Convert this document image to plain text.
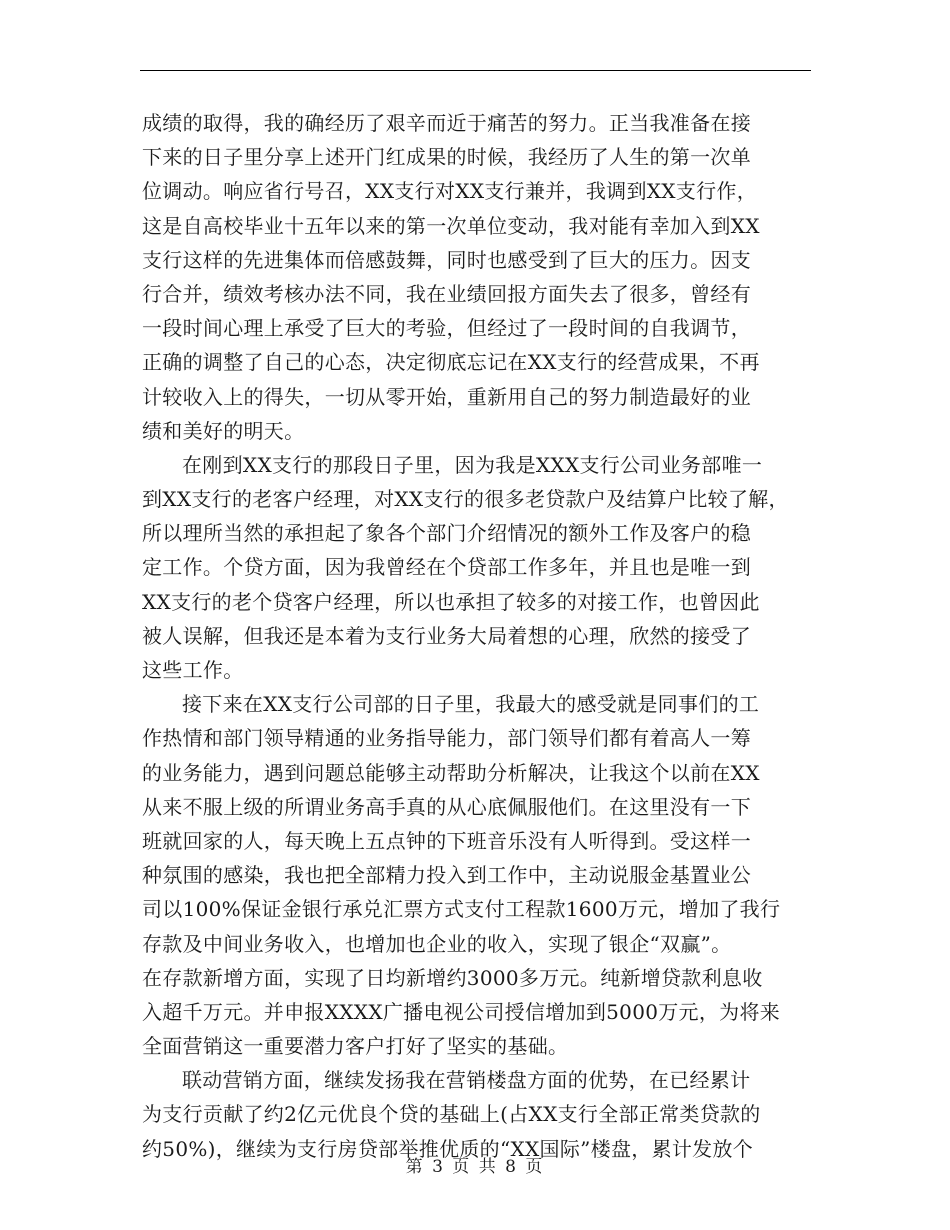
成绩的取得，我的确经历了艰辛而近于痛苦的努力。正当我准备在接
下来的日子里分享上述开门红成果的时候，我经历了人生的第一次单
位调动。响应省行号召，XX支行对XX支行兼并，我调到XX支行作，
这是自高校毕业十五年以来的第一次单位变动，我对能有幸加入到XX
支行这样的先进集体而倍感鼓舞，同时也感受到了巨大的压力。因支
行合并，绩效考核办法不同，我在业绩回报方面失去了很多，曾经有
一段时间心理上承受了巨大的考验，但经过了一段时间的自我调节，
正确的调整了自己的心态，决定彻底忘记在XX支行的经营成果，不再
计较收入上的得失，一切从零开始，重新用自己的努力制造最好的业
绩和美好的明天。
在刚到XX支行的那段日子里，因为我是XXX支行公司业务部唯一
到XX支行的老客户经理，对XX支行的很多老贷款户及结算户比较了解，
所以理所当然的承担起了象各个部门介绍情况的额外工作及客户的稳
定工作。个贷方面，因为我曾经在个贷部工作多年，并且也是唯一到
XX支行的老个贷客户经理，所以也承担了较多的对接工作，也曾因此
被人误解，但我还是本着为支行业务大局着想的心理，欣然的接受了
这些工作。
接下来在XX支行公司部的日子里，我最大的感受就是同事们的工
作热情和部门领导精通的业务指导能力，部门领导们都有着高人一筹
的业务能力，遇到问题总能够主动帮助分析解决，让我这个以前在XX
从来不服上级的所谓业务高手真的从心底佩服他们。在这里没有一下
班就回家的人，每天晚上五点钟的下班音乐没有人听得到。受这样一
种氛围的感染，我也把全部精力投入到工作中，主动说服金基置业公
司以100%保证金银行承兑汇票方式支付工程款1600万元，增加了我行
存款及中间业务收入，也增加也企业的收入，实现了银企“双赢”。
在存款新增方面，实现了日均新增约3000多万元。纯新增贷款利息收
入超千万元。并申报XXXX广播电视公司授信增加到5000万元，为将来
全面营销这一重要潜力客户打好了坚实的基础。
联动营销方面，继续发扬我在营销楼盘方面的优势，在已经累计
为支行贡献了约2亿元优良个贷的基础上(占XX支行全部正常类贷款的
约50%)，继续为支行房贷部举推优质的“XX国际”楼盘，累计发放个
第 3 页 共 8 页
